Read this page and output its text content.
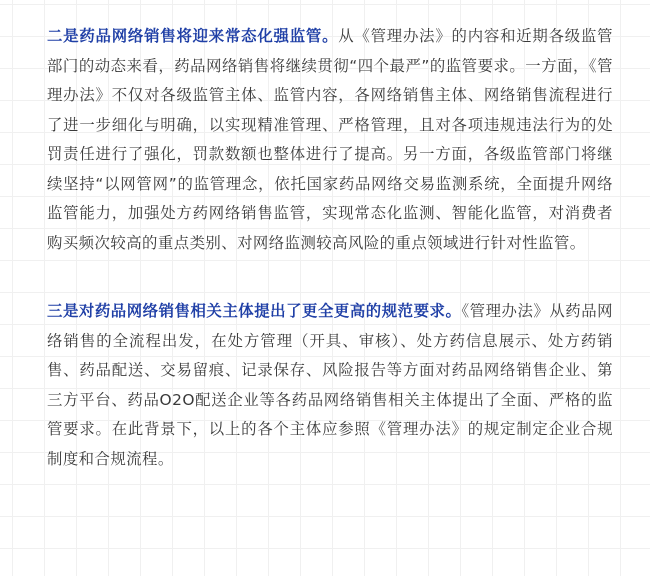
二是药品网络销售将迎来常态化强监管。从《管理办法》的内容和近期各级监管部门的动态来看，药品网络销售将继续贯彻“四个最严”的监管要求。一方面，《管理办法》不仅对各级监管主体、监管内容，各网络销售主体、网络销售流程进行了进一步细化与明确，以实现精准管理、严格管理，且对各项违规违法行为的处罚责任进行了强化，罚款数额也整体进行了提高。另一方面，各级监管部门将继续坚持“以网管网”的监管理念，依托国家药品网络交易监测系统，全面提升网络监管能力，加强处方药网络销售监管，实现常态化监测、智能化监管，对消费者购买频次较高的重点类别、对网络监测较高风险的重点领域进行针对性监管。

三是对药品网络销售相关主体提出了更全更高的规范要求。《管理办法》从药品网络销售的全流程出发，在处方管理（开具、审核）、处方药信息展示、处方药销售、药品配送、交易留痕、记录保存、风险报告等方面对药品网络销售企业、第三方平台、药品O2O配送企业等各药品网络销售相关主体提出了全面、严格的监管要求。在此背景下，以上的各个主体应参照《管理办法》的规定制定企业合规制度和合规流程。
